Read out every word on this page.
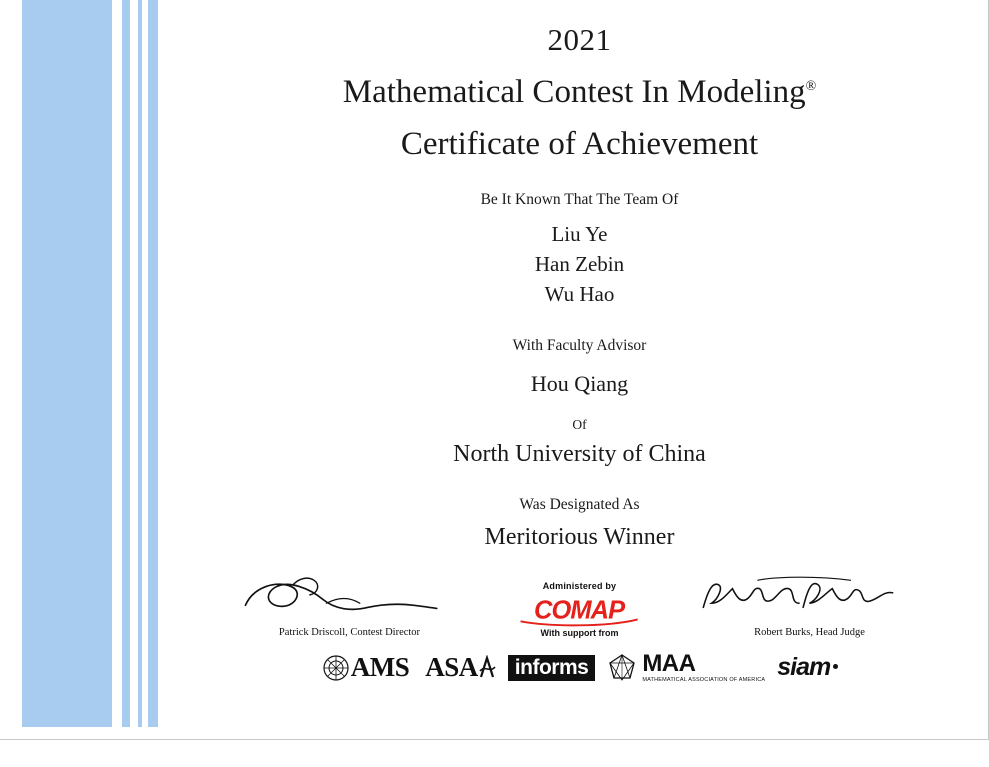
2021
Mathematical Contest In Modeling®
Certificate of Achievement
Be It Known That The Team Of
Liu Ye
Han Zebin
Wu Hao
With Faculty Advisor
Hou Qiang
Of
North University of China
Was Designated As
Meritorious Winner
Patrick Driscoll, Contest Director
Administered by
COMAP
With support from	Robert Burks, Head Judge
AMS ASA	informs MAA
MATHEMATICAL ASSOCIATION OF AMERICA siam
